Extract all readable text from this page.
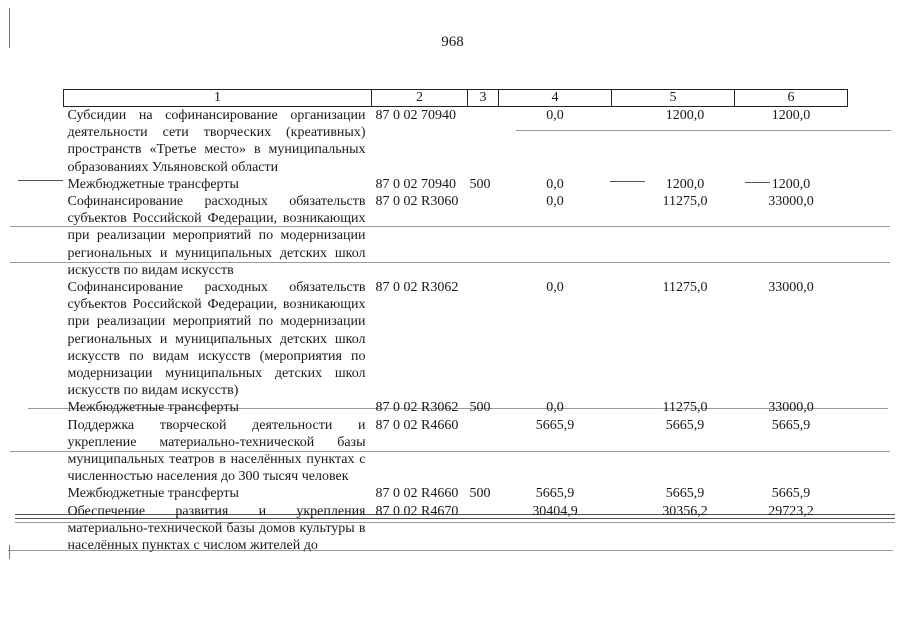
968
1	2	3	4	5	6
Субсидии на софинансирование организации деятельности сети творческих (креативных) пространств «Третье место» в муниципальных образованиях Ульяновской области	87 0 02 70940		0,0	1200,0	1200,0
Межбюджетные трансферты	87 0 02 70940	500	0,0	1200,0	1200,0
Софинансирование расходных обязательств субъектов Российской Федерации, возникающих при реализации мероприятий по модернизации региональных и муниципальных детских школ искусств по видам искусств	87 0 02 R3060		0,0	11275,0	33000,0
Софинансирование расходных обязательств субъектов Российской Федерации, возникающих при реализации мероприятий по модернизации региональных и муниципальных детских школ искусств по видам искусств (мероприятия по модернизации муниципальных детских школ искусств по видам искусств)	87 0 02 R3062		0,0	11275,0	33000,0
Межбюджетные трансферты	87 0 02 R3062	500	0,0	11275,0	33000,0
Поддержка творческой деятельности и укрепление материально-технической базы муниципальных театров в населённых пунктах с численностью населения до 300 тысяч человек	87 0 02 R4660		5665,9	5665,9	5665,9
Межбюджетные трансферты	87 0 02 R4660	500	5665,9	5665,9	5665,9
Обеспечение развития и укрепления материально-технической базы домов культуры в населённых пунктах с числом жителей до	87 0 02 R4670		30404,9	30356,2	29723,2
